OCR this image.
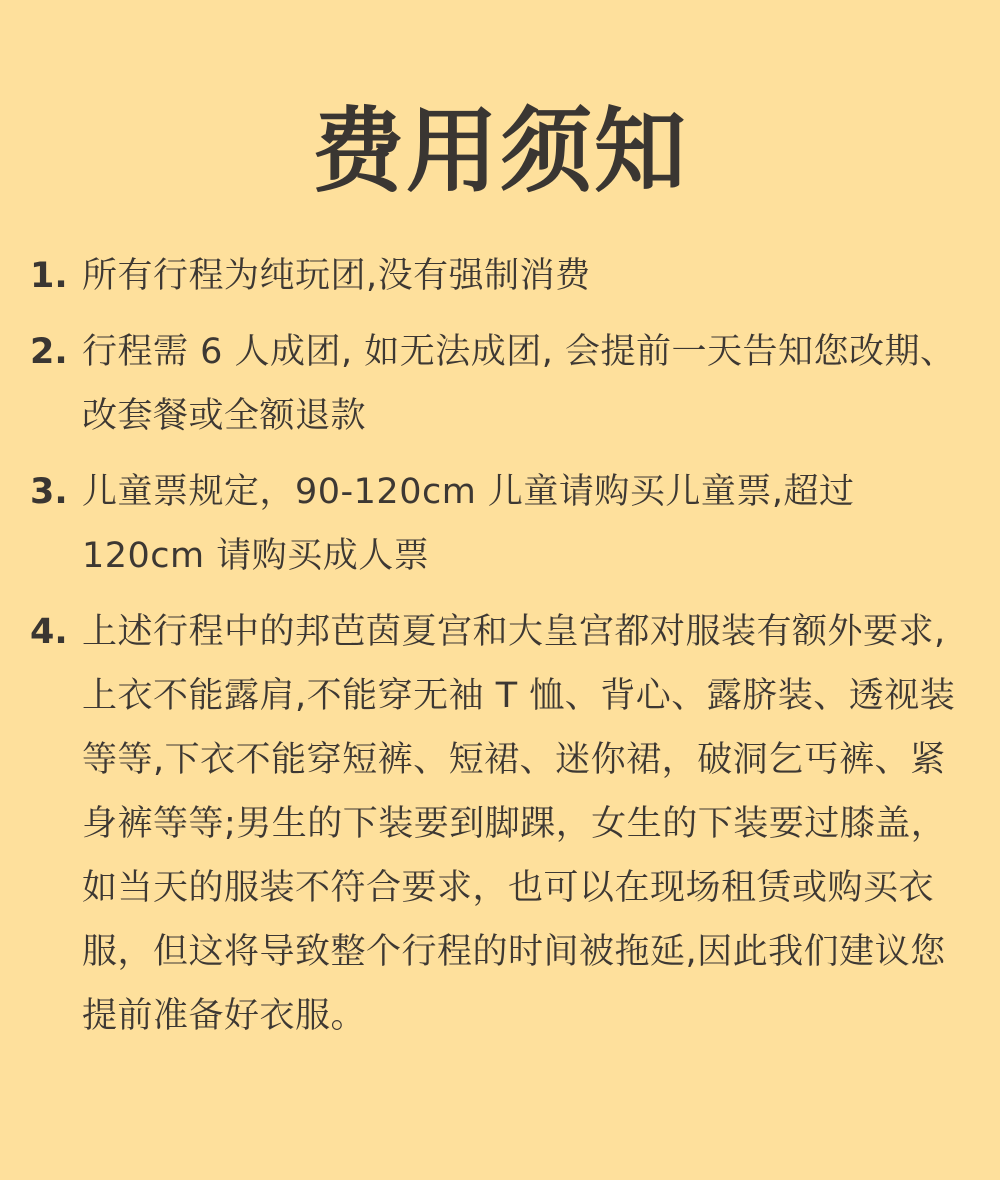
费用须知
1. 所有行程为纯玩团,没有强制消费
2. 行程需 6 人成团, 如无法成团, 会提前一天告知您改期、改套餐或全额退款
3. 儿童票规定，90-120cm 儿童请购买儿童票,超过 120cm 请购买成人票
4. 上述行程中的邦芭茵夏宫和大皇宫都对服装有额外要求,上衣不能露肩,不能穿无袖 T 恤、背心、露脐装、透视装等等,下衣不能穿短裤、短裙、迷你裙，破洞乞丐裤、紧身裤等等;男生的下装要到脚踝，女生的下装要过膝盖，如当天的服装不符合要求，也可以在现场租赁或购买衣服，但这将导致整个行程的时间被拖延,因此我们建议您提前准备好衣服。
